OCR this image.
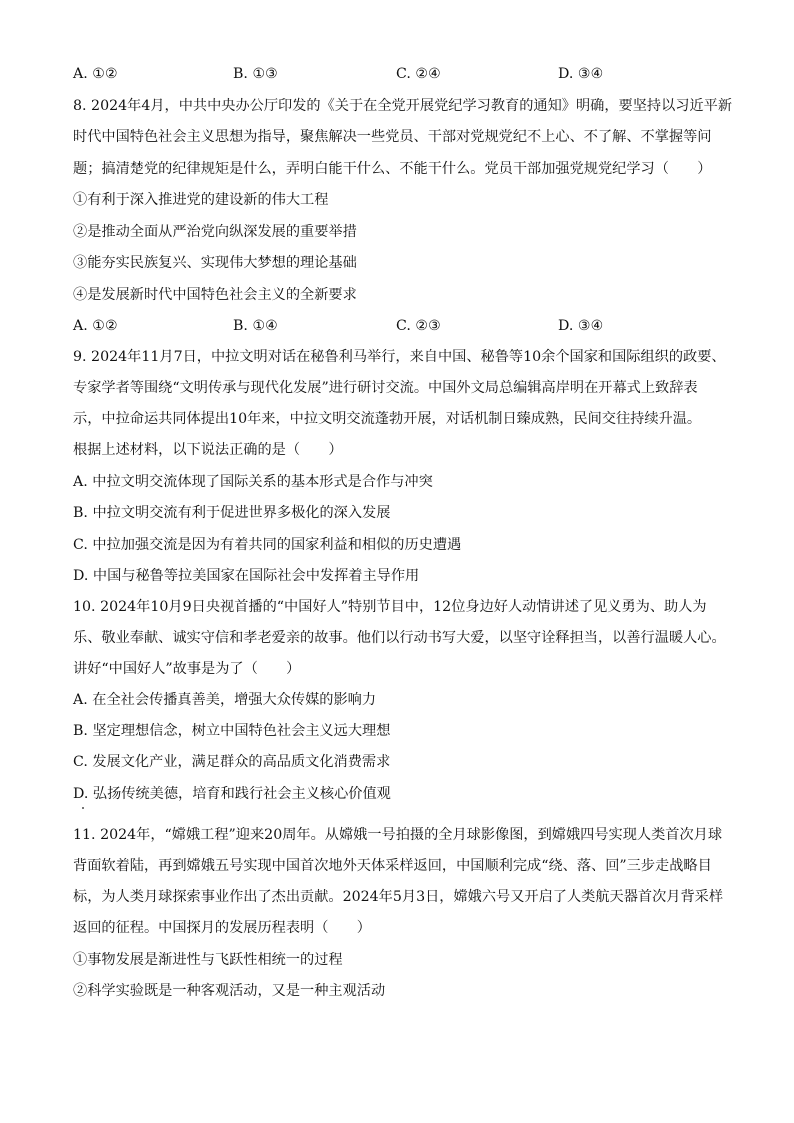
A. ①②	B. ①③	C. ②④	D. ③④
8. 2024年4月，中共中央办公厅印发的《关于在全党开展党纪学习教育的通知》明确，要坚持以习近平新
时代中国特色社会主义思想为指导，聚焦解决一些党员、干部对党规党纪不上心、不了解、不掌握等问
题；搞清楚党的纪律规矩是什么，弄明白能干什么、不能干什么。党员干部加强党规党纪学习（　　）
①有利于深入推进党的建设新的伟大工程
②是推动全面从严治党向纵深发展的重要举措
③能夯实民族复兴、实现伟大梦想的理论基础
④是发展新时代中国特色社会主义的全新要求
A. ①②	B. ①④	C. ②③	D. ③④
9. 2024年11月7日，中拉文明对话在秘鲁利马举行，来自中国、秘鲁等10余个国家和国际组织的政要、
专家学者等围绕“文明传承与现代化发展”进行研讨交流。中国外文局总编辑高岸明在开幕式上致辞表
示，中拉命运共同体提出10年来，中拉文明交流蓬勃开展，对话机制日臻成熟，民间交往持续升温。
根据上述材料，以下说法正确的是（　　）
A. 中拉文明交流体现了国际关系的基本形式是合作与冲突
B. 中拉文明交流有利于促进世界多极化的深入发展
C. 中拉加强交流是因为有着共同的国家利益和相似的历史遭遇
D. 中国与秘鲁等拉美国家在国际社会中发挥着主导作用
10. 2024年10月9日央视首播的“中国好人”特别节目中，12位身边好人动情讲述了见义勇为、助人为
乐、敬业奉献、诚实守信和孝老爱亲的故事。他们以行动书写大爱，以坚守诠释担当，以善行温暖人心。
讲好“中国好人”故事是为了（　　）
A. 在全社会传播真善美，增强大众传媒的影响力
B. 坚定理想信念，树立中国特色社会主义远大理想
C. 发展文化产业，满足群众的高品质文化消费需求
D. 弘扬传统美德，培育和践行社会主义核心价值观
11. 2024年，“嫦娥工程”迎来20周年。从嫦娥一号拍摄的全月球影像图，到嫦娥四号实现人类首次月球
背面软着陆，再到嫦娥五号实现中国首次地外天体采样返回，中国顺利完成“绕、落、回”三步走战略目
标，为人类月球探索事业作出了杰出贡献。2024年5月3日，嫦娥六号又开启了人类航天器首次月背采样
返回的征程。中国探月的发展历程表明（　　）
①事物发展是渐进性与飞跃性相统一的过程
②科学实验既是一种客观活动，又是一种主观活动
